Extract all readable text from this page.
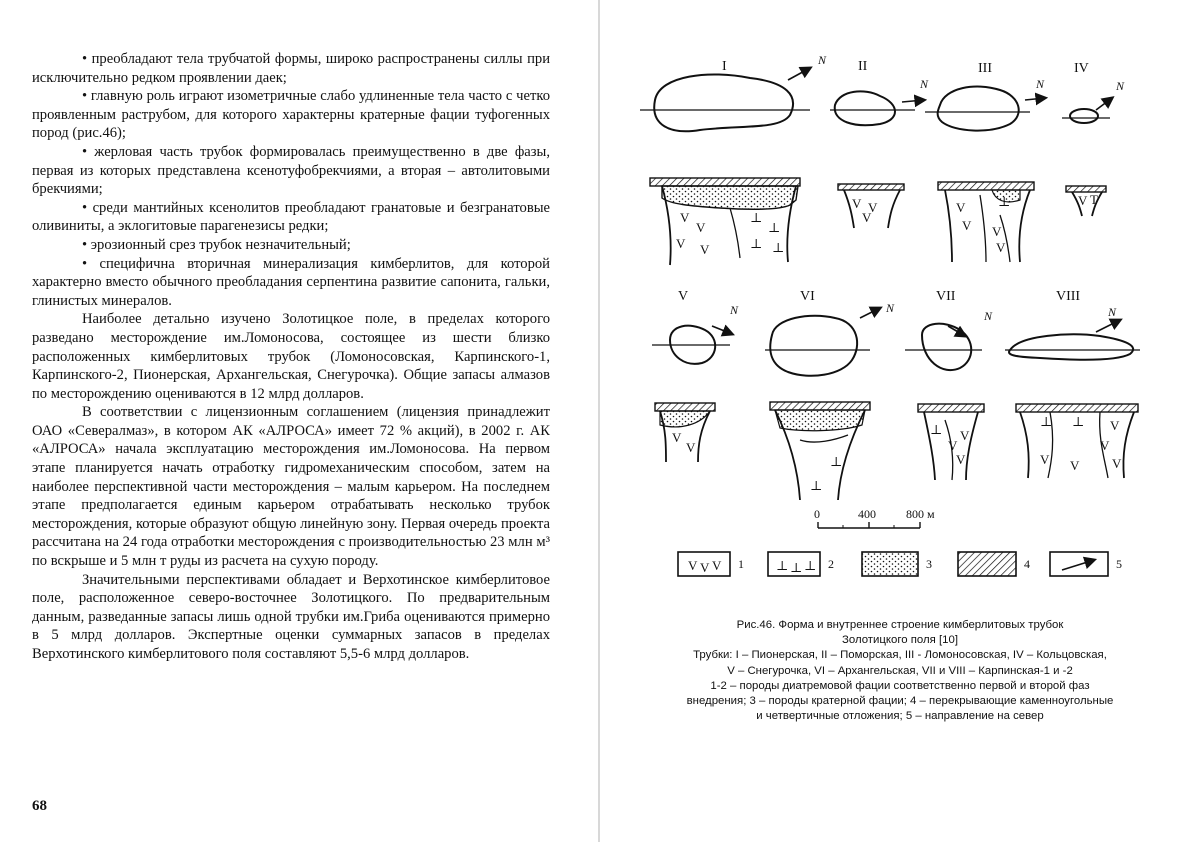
• преобладают тела трубчатой формы, широко распространены силлы при исключительно редком проявлении даек;

• главную роль играют изометричные слабо удлиненные тела часто с четко проявленным раструбом, для которого характерны кратерные фации туфогенных пород (рис.46);

• жерловая часть трубок формировалась преимущественно в две фазы, первая из которых представлена ксенотуфобрекчиями, а вторая – автолитовыми брекчиями;

• среди мантийных ксенолитов преобладают гранатовые и безгранатовые оливиниты, а эклогитовые парагенезисы редки;

• эрозионный срез трубок незначительный;

• специфична вторичная минерализация кимберлитов, для которой характерно вместо обычного преобладания серпентина развитие сапонита, гальки, глинистых минералов.

Наиболее детально изучено Золотицкое поле, в пределах которого разведано месторождение им.Ломоносова, состоящее из шести близко расположенных кимберлитовых трубок (Ломоносовская, Карпинского-1, Карпинского-2, Пионерская, Архангельская, Снегурочка). Общие запасы алмазов по месторождению оцениваются в 12 млрд долларов.

В соответствии с лицензионным соглашением (лицензия принадлежит ОАО «Севералмаз», в котором АК «АЛРОСА» имеет 72 % акций), в 2002 г. АК «АЛРОСА» начала эксплуатацию месторождения им.Ломоносова. На первом этапе планируется начать отработку гидромеханическим способом, затем на наиболее перспективной части месторождения – малым карьером. На последнем этапе предполагается единым карьером отрабатывать несколько трубок месторождения, которые образуют общую линейную зону. Первая очередь проекта рассчитана на 24 года отработки месторождения с производительностью 23 млн м³ по вскрыше и 5 млн т руды из расчета на сухую породу.

Значительными перспективами обладает и Верхотинское кимберлитовое поле, расположенное северо-восточнее Золотицкого. По предварительным данным, разведанные запасы лишь одной трубки им.Гриба оцениваются примерно в 5 млрд долларов. Экспертные оценки суммарных запасов в пределах Верхотинского кимберлитового поля составляют 5,5-6 млрд долларов.

68
V
V
V V
⊥
⊥
⊥ ⊥
V V
V
V
V
⊥
V
V
V T
V
V
⊥
⊥
⊥
V
V
V
⊥ ⊥ V
V
V	V
V
V V V	⊥ ⊥ ⊥
I	II	III	IV
V	VI	VII	VIII
N
N	N	N
N	N
N	N
0	400	800 м
1	2	3	4	5
Рис.46. Форма и внутреннее строение кимберлитовых трубок
Золотицкого поля [10]
Трубки: I – Пионерская, II – Поморская, III - Ломоносовская, IV – Кольцовская,
V – Снегурочка, VI – Архангельская, VII и VIII – Карпинская-1 и -2
1-2 – породы диатремовой фации соответственно первой и второй фаз
внедрения; 3 – породы кратерной фации; 4 – перекрывающие каменноугольные
и четвертичные отложения; 5 – направление на север
